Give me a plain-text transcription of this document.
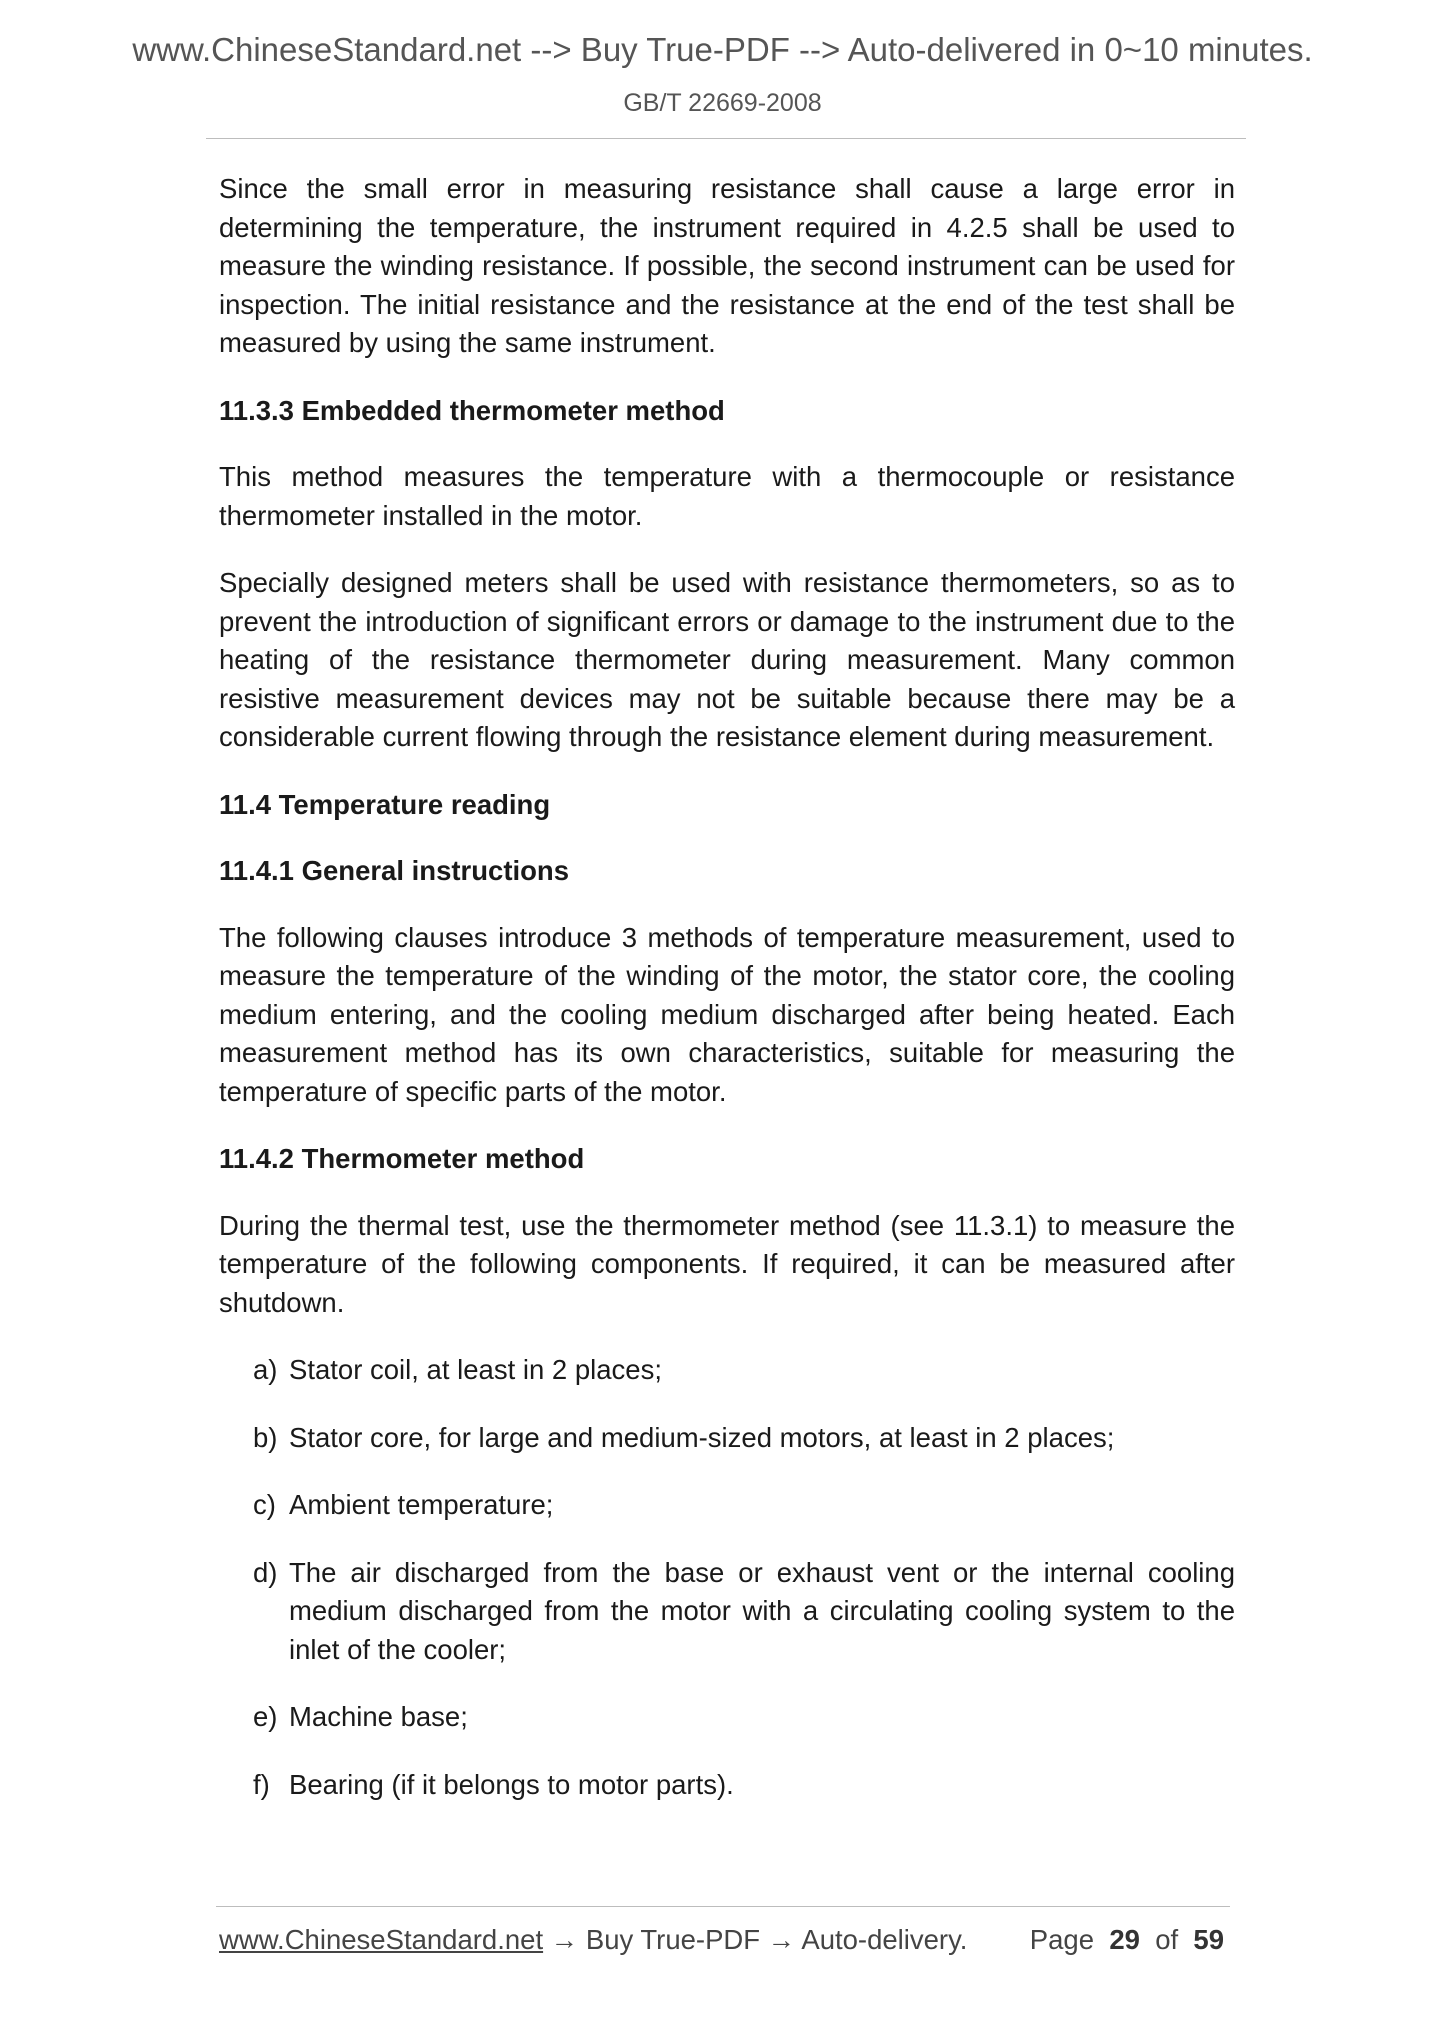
www.ChineseStandard.net --> Buy True-PDF --> Auto-delivered in 0~10 minutes.
GB/T 22669-2008

Since the small error in measuring resistance shall cause a large error in determining the temperature, the instrument required in 4.2.5 shall be used to measure the winding resistance. If possible, the second instrument can be used for inspection. The initial resistance and the resistance at the end of the test shall be measured by using the same instrument.

11.3.3 Embedded thermometer method

This method measures the temperature with a thermocouple or resistance thermometer installed in the motor.

Specially designed meters shall be used with resistance thermometers, so as to prevent the introduction of significant errors or damage to the instrument due to the heating of the resistance thermometer during measurement. Many common resistive measurement devices may not be suitable because there may be a considerable current flowing through the resistance element during measurement.

11.4 Temperature reading
11.4.1 General instructions

The following clauses introduce 3 methods of temperature measurement, used to measure the temperature of the winding of the motor, the stator core, the cooling medium entering, and the cooling medium discharged after being heated. Each measurement method has its own characteristics, suitable for measuring the temperature of specific parts of the motor.

11.4.2 Thermometer method

During the thermal test, use the thermometer method (see 11.3.1) to measure the temperature of the following components. If required, it can be measured after shutdown.

a) Stator coil, at least in 2 places;
b) Stator core, for large and medium-sized motors, at least in 2 places;
c) Ambient temperature;
d) The air discharged from the base or exhaust vent or the internal cooling medium discharged from the motor with a circulating cooling system to the inlet of the cooler;
e) Machine base;
f) Bearing (if it belongs to motor parts).
www.ChineseStandard.net → Buy True-PDF → Auto-delivery. Page 29 of 59
